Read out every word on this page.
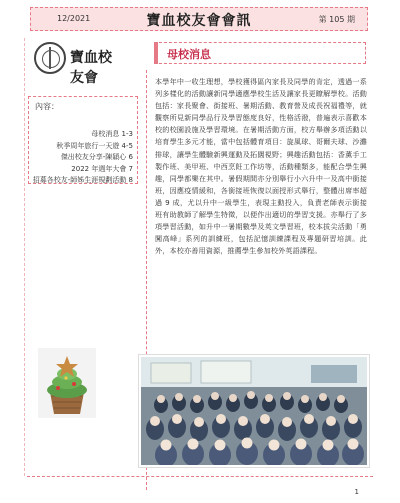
12/2021	寶血校友會會訊	第 105 期
寶血校友會
母校消息
內容：
母校消息 1-3
秋季周年旅行一天遊 4-5
傑出校友分享-陳穎心 6
2022 年週年大會 7
招募各校友-師姊生涯規劃活動 8
本學年中一收生理想，學校獲得區內家長及同學的肯定，透過一系列多樣化的活動讓新同學適應學校生活及讓家長更瞭解學校。活動包括：家長聚會、街接班、暑期活動、教育營及成長祝福禮等，就觀察所見新同學品行及學習態度良好，性格活潑，普遍表示喜歡本校的校園設施及學習環境。在暑期活動方面，校方舉辦多項活動以培育學生多元才能，當中包括體育項目：旋風球、哥爾夫球、沙灘排球，讓學生體驗新興運動及拓闊視野；興趣活動包括：香薰手工製作班、美甲班、中西烹飪工作坊等，活動種類多，能配合學生興趣，同學都樂在其中。暑假期間亦分別舉行小六升中一及高中銜接班，因應疫情緩和，各銜接班恢復以面授形式舉行，整體出席率超過 9 成，尤以升中一級學生，表現主動投入，負責老師表示銜接班有助教師了解學生特徵，以便作出適切的學習支援。亦舉行了多項學習活動，如升中一暑期數學及英文學習班，校本拔尖活動「勇闖高峰」系列的訓練班，包括記憶訓練課程及專題研習培訓。此外，本校亦善用資源，推薦學生參加校外英語課程。
1
